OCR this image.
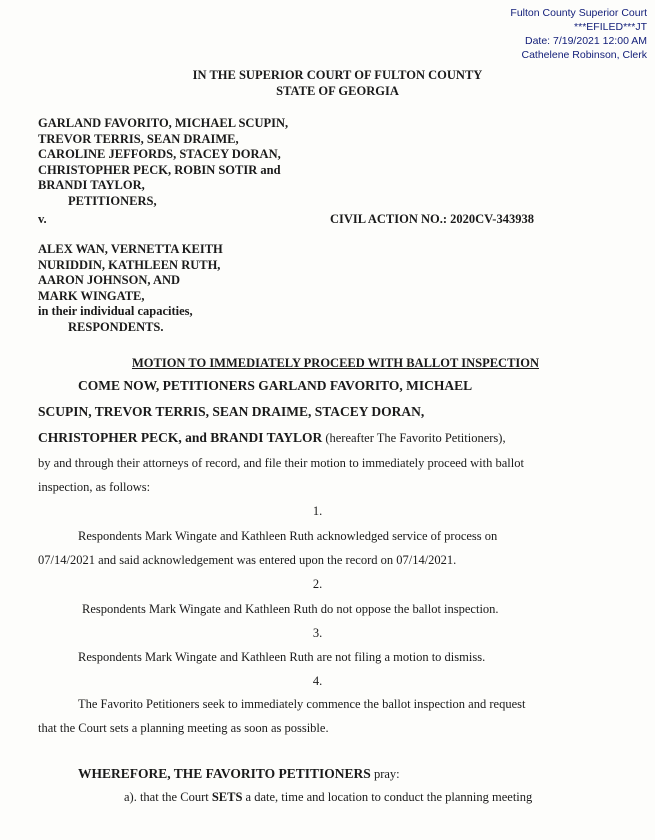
Fulton County Superior Court
***EFILED***JT
Date: 7/19/2021 12:00 AM
Cathelene Robinson, Clerk
IN THE SUPERIOR COURT OF FULTON COUNTY
STATE OF GEORGIA
GARLAND FAVORITO, MICHAEL SCUPIN,
TREVOR TERRIS, SEAN DRAIME,
CAROLINE JEFFORDS, STACEY DORAN,
CHRISTOPHER PECK, ROBIN SOTIR and
BRANDI TAYLOR,
PETITIONERS,
v.	CIVIL ACTION NO.: 2020CV-343938
ALEX WAN, VERNETTA KEITH
NURIDDIN, KATHLEEN RUTH,
AARON JOHNSON, AND
MARK WINGATE,
in their individual capacities,
RESPONDENTS.
MOTION TO IMMEDIATELY PROCEED WITH BALLOT INSPECTION
COME NOW, PETITIONERS GARLAND FAVORITO, MICHAEL
SCUPIN, TREVOR TERRIS, SEAN DRAIME, STACEY DORAN,
CHRISTOPHER PECK, and BRANDI TAYLOR (hereafter The Favorito Petitioners),
by and through their attorneys of record, and file their motion to immediately proceed with ballot
inspection, as follows:
1.
Respondents Mark Wingate and Kathleen Ruth acknowledged service of process on
07/14/2021 and said acknowledgement was entered upon the record on 07/14/2021.
2.
Respondents Mark Wingate and Kathleen Ruth do not oppose the ballot inspection.
3.
Respondents Mark Wingate and Kathleen Ruth are not filing a motion to dismiss.
4.
The Favorito Petitioners seek to immediately commence the ballot inspection and request
that the Court sets a planning meeting as soon as possible.
WHEREFORE, THE FAVORITO PETITIONERS pray:
a). that the Court SETS a date, time and location to conduct the planning meeting
